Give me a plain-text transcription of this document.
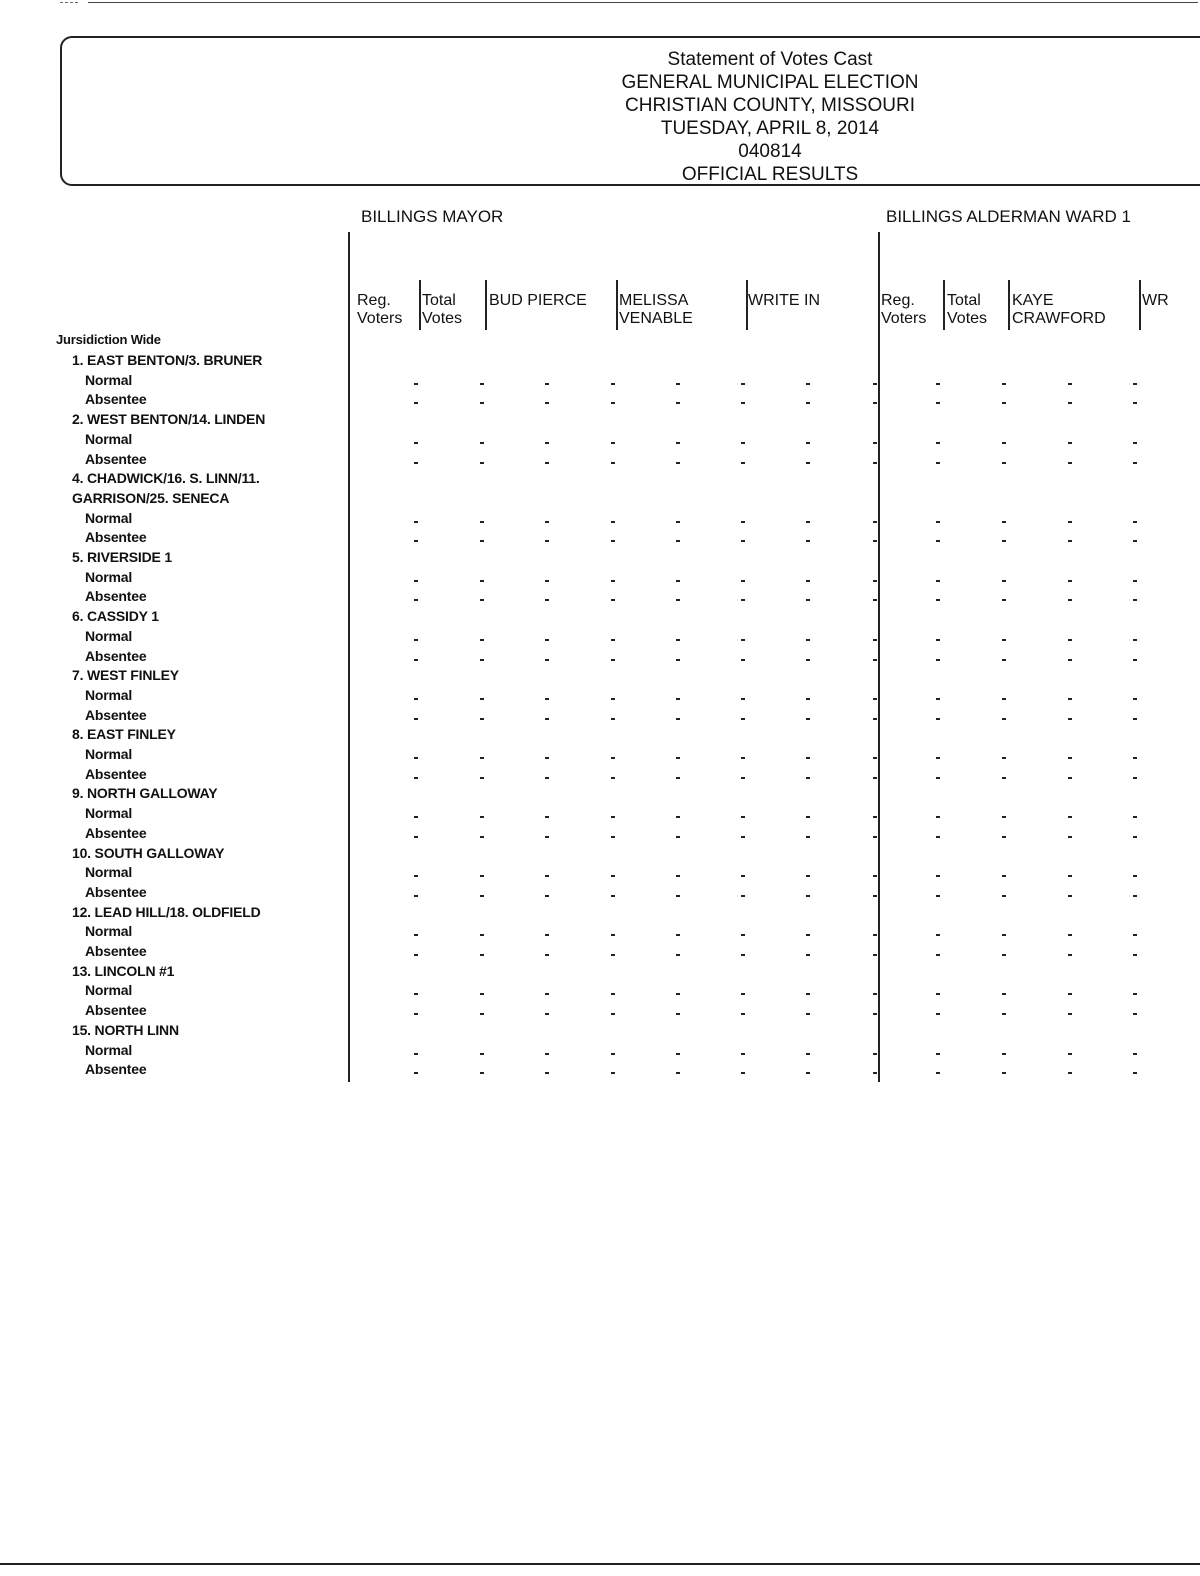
Statement of Votes Cast
GENERAL MUNICIPAL ELECTION
CHRISTIAN COUNTY, MISSOURI
TUESDAY, APRIL 8, 2014
040814
OFFICIAL RESULTS
BILLINGS MAYOR	BILLINGS ALDERMAN WARD 1
Reg.
Voters
Total
Votes
BUD PIERCE MELISSA
VENABLE
WRITE IN	Reg.
Voters
Total
Votes
KAYE
CRAWFORD
WR
Jursidiction Wide
1. EAST BENTON/3. BRUNER
Normal
Absentee
2. WEST BENTON/14. LINDEN
Normal
Absentee
4. CHADWICK/16. S. LINN/11.
GARRISON/25. SENECA
Normal
Absentee
5. RIVERSIDE 1
Normal
Absentee
6. CASSIDY 1
Normal
Absentee
7. WEST FINLEY
Normal
Absentee
8. EAST FINLEY
Normal
Absentee
9. NORTH GALLOWAY
Normal
Absentee
10. SOUTH GALLOWAY
Normal
Absentee
12. LEAD HILL/18. OLDFIELD
Normal
Absentee
13. LINCOLN #1
Normal
Absentee
15. NORTH LINN
Normal
Absentee
